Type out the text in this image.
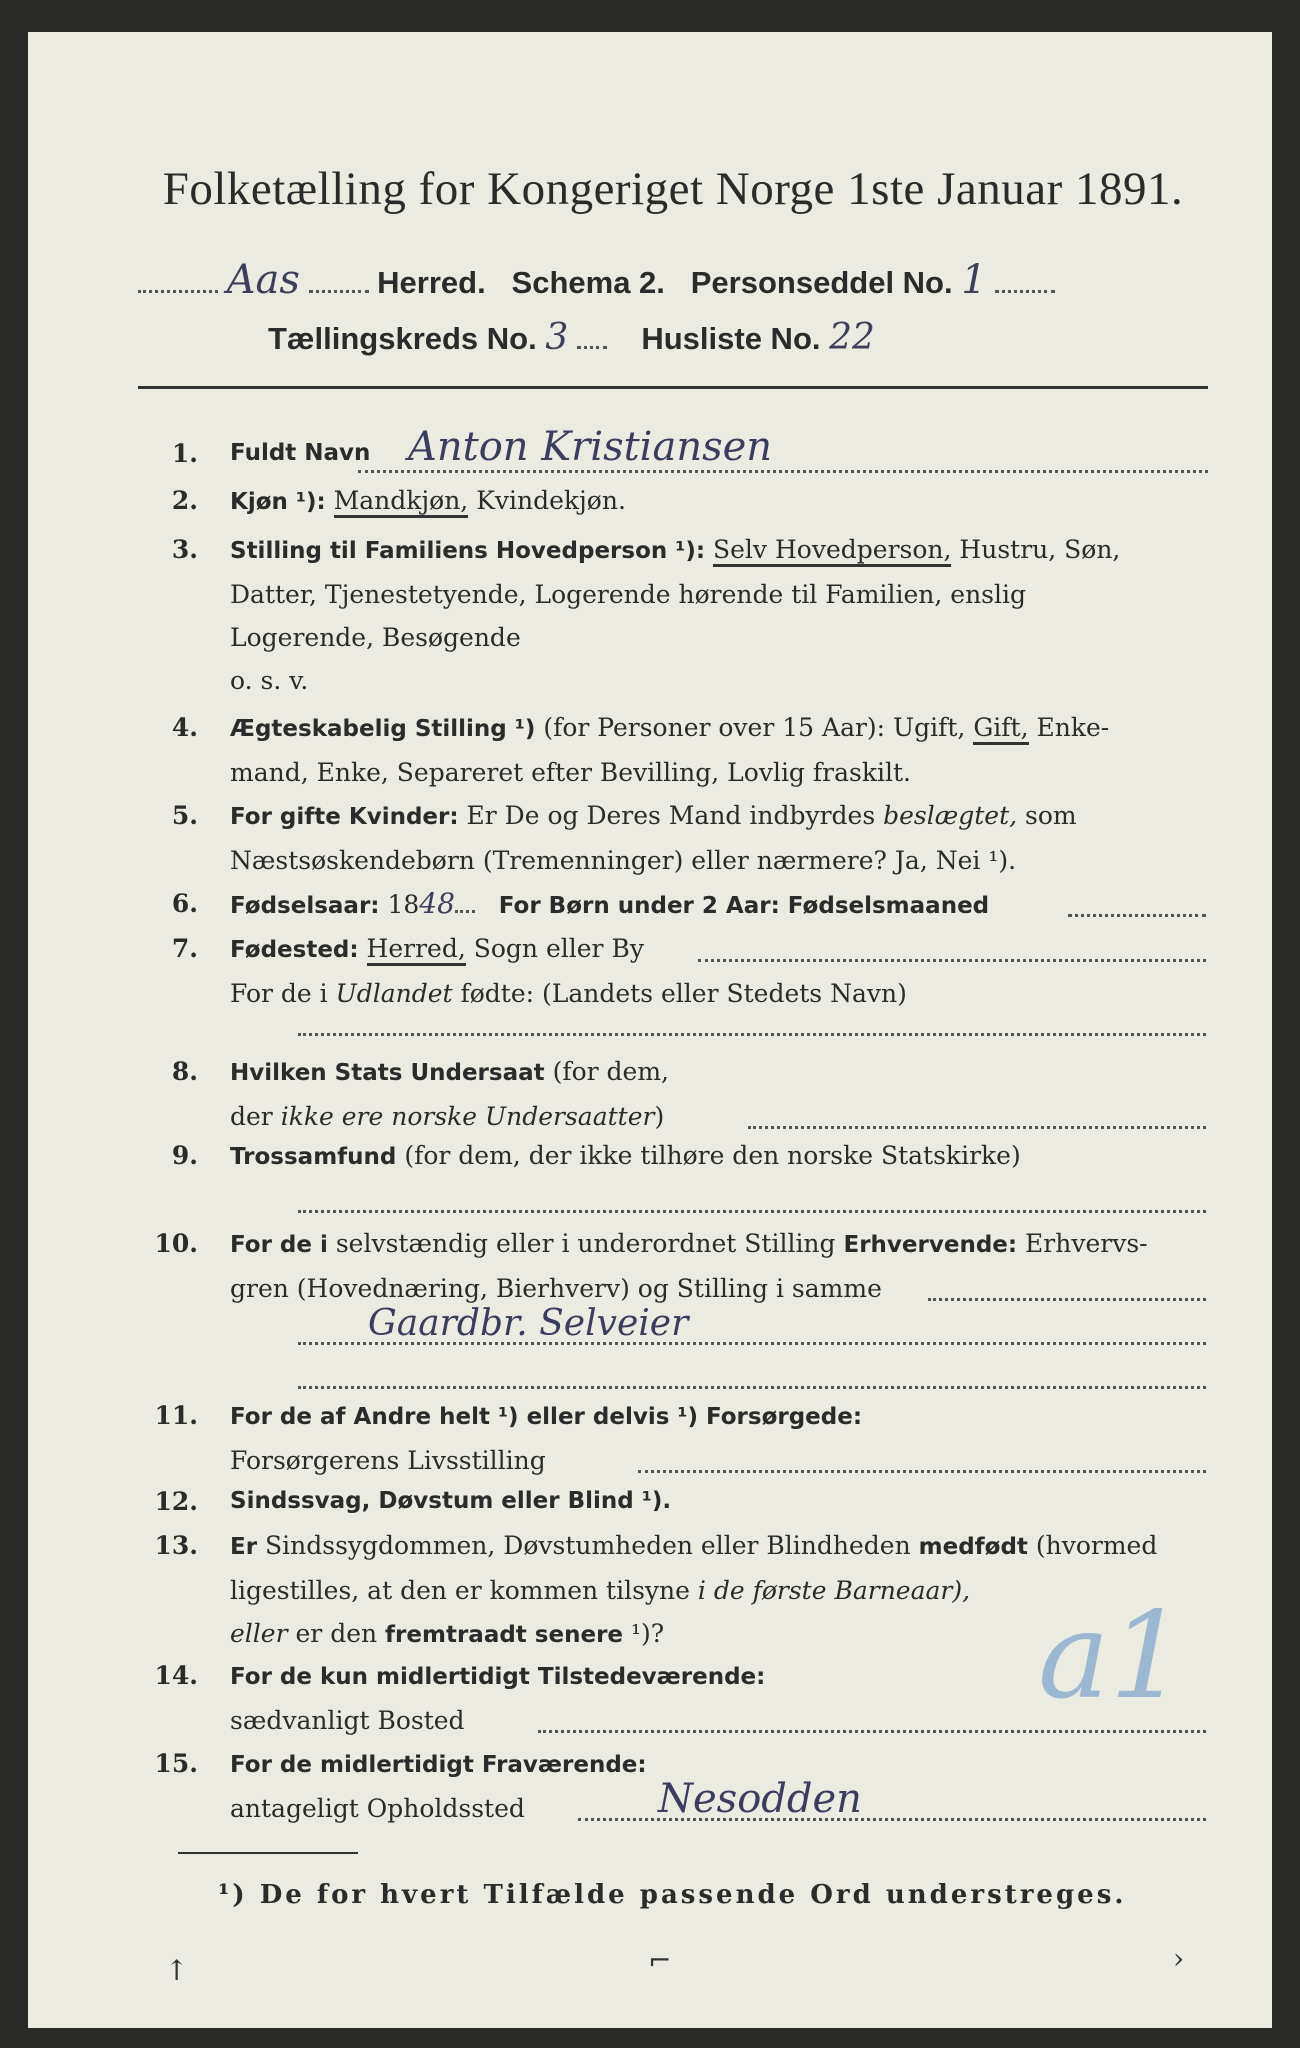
Folketælling for Kongeriget Norge 1ste Januar 1891.
Aas Herred. Schema 2. Personseddel No. 1
Tællingskreds No. 3 Husliste No. 22
1. Fuldt Navn Anton Kristiansen
2. Kjøn ¹): Mandkjøn, Kvindekjøn.
3. Stilling til Familiens Hovedperson ¹): Selv Hovedperson, Hustru, Søn,
Datter, Tjenestetyende, Logerende hørende til Familien, enslig
Logerende, Besøgende
o. s. v.
4. Ægteskabelig Stilling ¹) (for Personer over 15 Aar): Ugift, Gift, Enke-
mand, Enke, Separeret efter Bevilling, Lovlig fraskilt.
5. For gifte Kvinder: Er De og Deres Mand indbyrdes beslægtet, som
Næstsøskendebørn (Tremenninger) eller nærmere? Ja, Nei ¹).
6. Fødselsaar: 1848 For Børn under 2 Aar: Fødselsmaaned
7. Fødested: Herred, Sogn eller By
For de i Udlandet fødte: (Landets eller Stedets Navn)
8. Hvilken Stats Undersaat (for dem,
der ikke ere norske Undersaatter)
9. Trossamfund (for dem, der ikke tilhøre den norske Statskirke)
10. For de i selvstændig eller i underordnet Stilling Erhvervende: Erhvervs-
gren (Hovednæring, Bierhverv) og Stilling i samme
Gaardbr. Selveier
11. For de af Andre helt ¹) eller delvis ¹) Forsørgede:
Forsørgerens Livsstilling
12. Sindssvag, Døvstum eller Blind ¹).
13. Er Sindssygdommen, Døvstumheden eller Blindheden medfødt (hvormed
ligestilles, at den er kommen tilsyne i de første Barneaar),
eller er den fremtraadt senere ¹)?
14. For de kun midlertidigt Tilstedeværende:
sædvanligt Bosted
15. For de midlertidigt Fraværende:
antageligt Opholdssted	Nesodden
a1
¹) De for hvert Tilfælde passende Ord understreges.
↑	⌐	›
